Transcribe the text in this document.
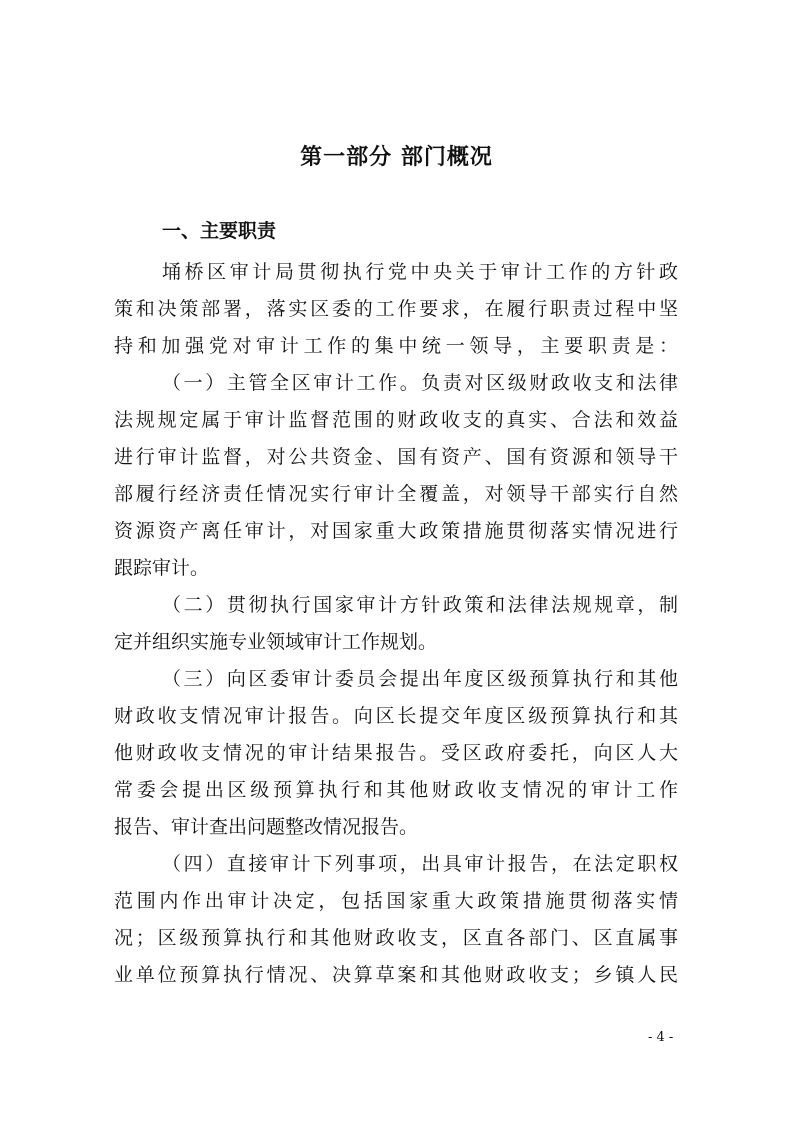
第一部分 部门概况
一、主要职责
埇桥区审计局贯彻执行党中央关于审计工作的方针政
策和决策部署，落实区委的工作要求，在履行职责过程中坚
持和加强党对审计工作的集中统一领导，主要职责是：
（一）主管全区审计工作。负责对区级财政收支和法律
法规规定属于审计监督范围的财政收支的真实、合法和效益
进行审计监督，对公共资金、国有资产、国有资源和领导干
部履行经济责任情况实行审计全覆盖，对领导干部实行自然
资源资产离任审计，对国家重大政策措施贯彻落实情况进行
跟踪审计。
（二）贯彻执行国家审计方针政策和法律法规规章，制
定并组织实施专业领域审计工作规划。
（三）向区委审计委员会提出年度区级预算执行和其他
财政收支情况审计报告。向区长提交年度区级预算执行和其
他财政收支情况的审计结果报告。受区政府委托，向区人大
常委会提出区级预算执行和其他财政收支情况的审计工作
报告、审计查出问题整改情况报告。
（四）直接审计下列事项，出具审计报告，在法定职权
范围内作出审计决定，包括国家重大政策措施贯彻落实情
况；区级预算执行和其他财政收支，区直各部门、区直属事
业单位预算执行情况、决算草案和其他财政收支；乡镇人民
- 4 -
